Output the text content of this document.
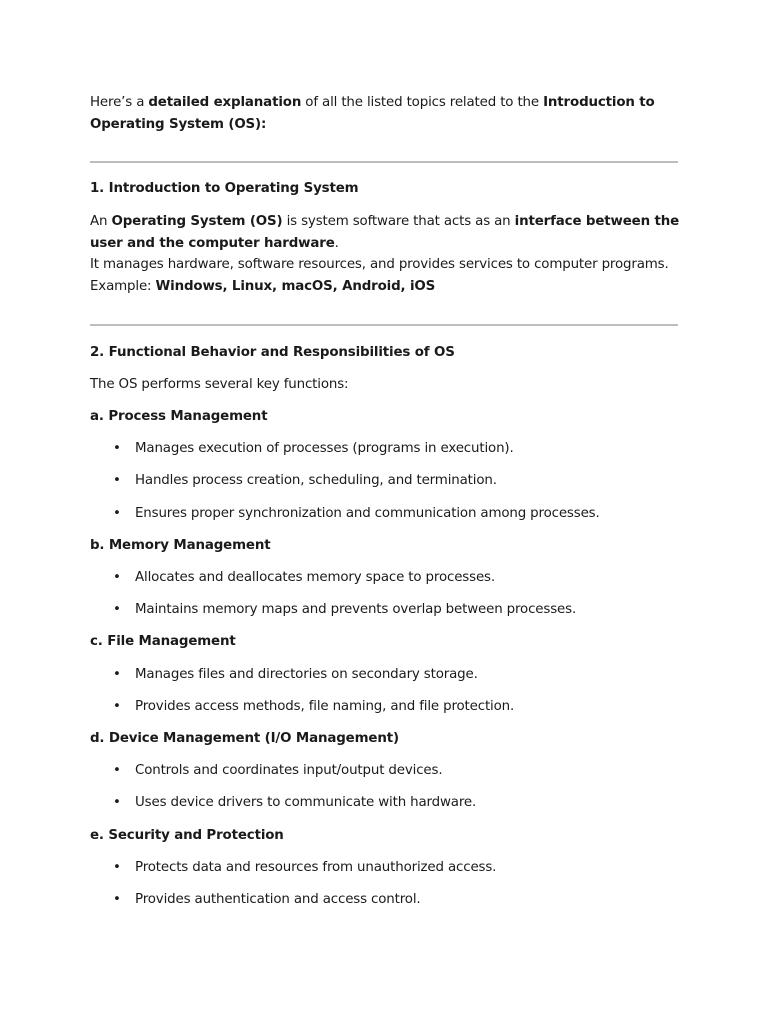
Here’s a detailed explanation of all the listed topics related to the Introduction to Operating System (OS):

1. Introduction to Operating System

An Operating System (OS) is system software that acts as an interface between the user and the computer hardware.

It manages hardware, software resources, and provides services to computer programs.

Example: Windows, Linux, macOS, Android, iOS

2. Functional Behavior and Responsibilities of OS

The OS performs several key functions:

a. Process Management

• Manages execution of processes (programs in execution).

• Handles process creation, scheduling, and termination.

• Ensures proper synchronization and communication among processes.

b. Memory Management

• Allocates and deallocates memory space to processes.

• Maintains memory maps and prevents overlap between processes.

c. File Management

• Manages files and directories on secondary storage.

• Provides access methods, file naming, and file protection.

d. Device Management (I/O Management)

• Controls and coordinates input/output devices.

• Uses device drivers to communicate with hardware.

e. Security and Protection

• Protects data and resources from unauthorized access.

• Provides authentication and access control.
